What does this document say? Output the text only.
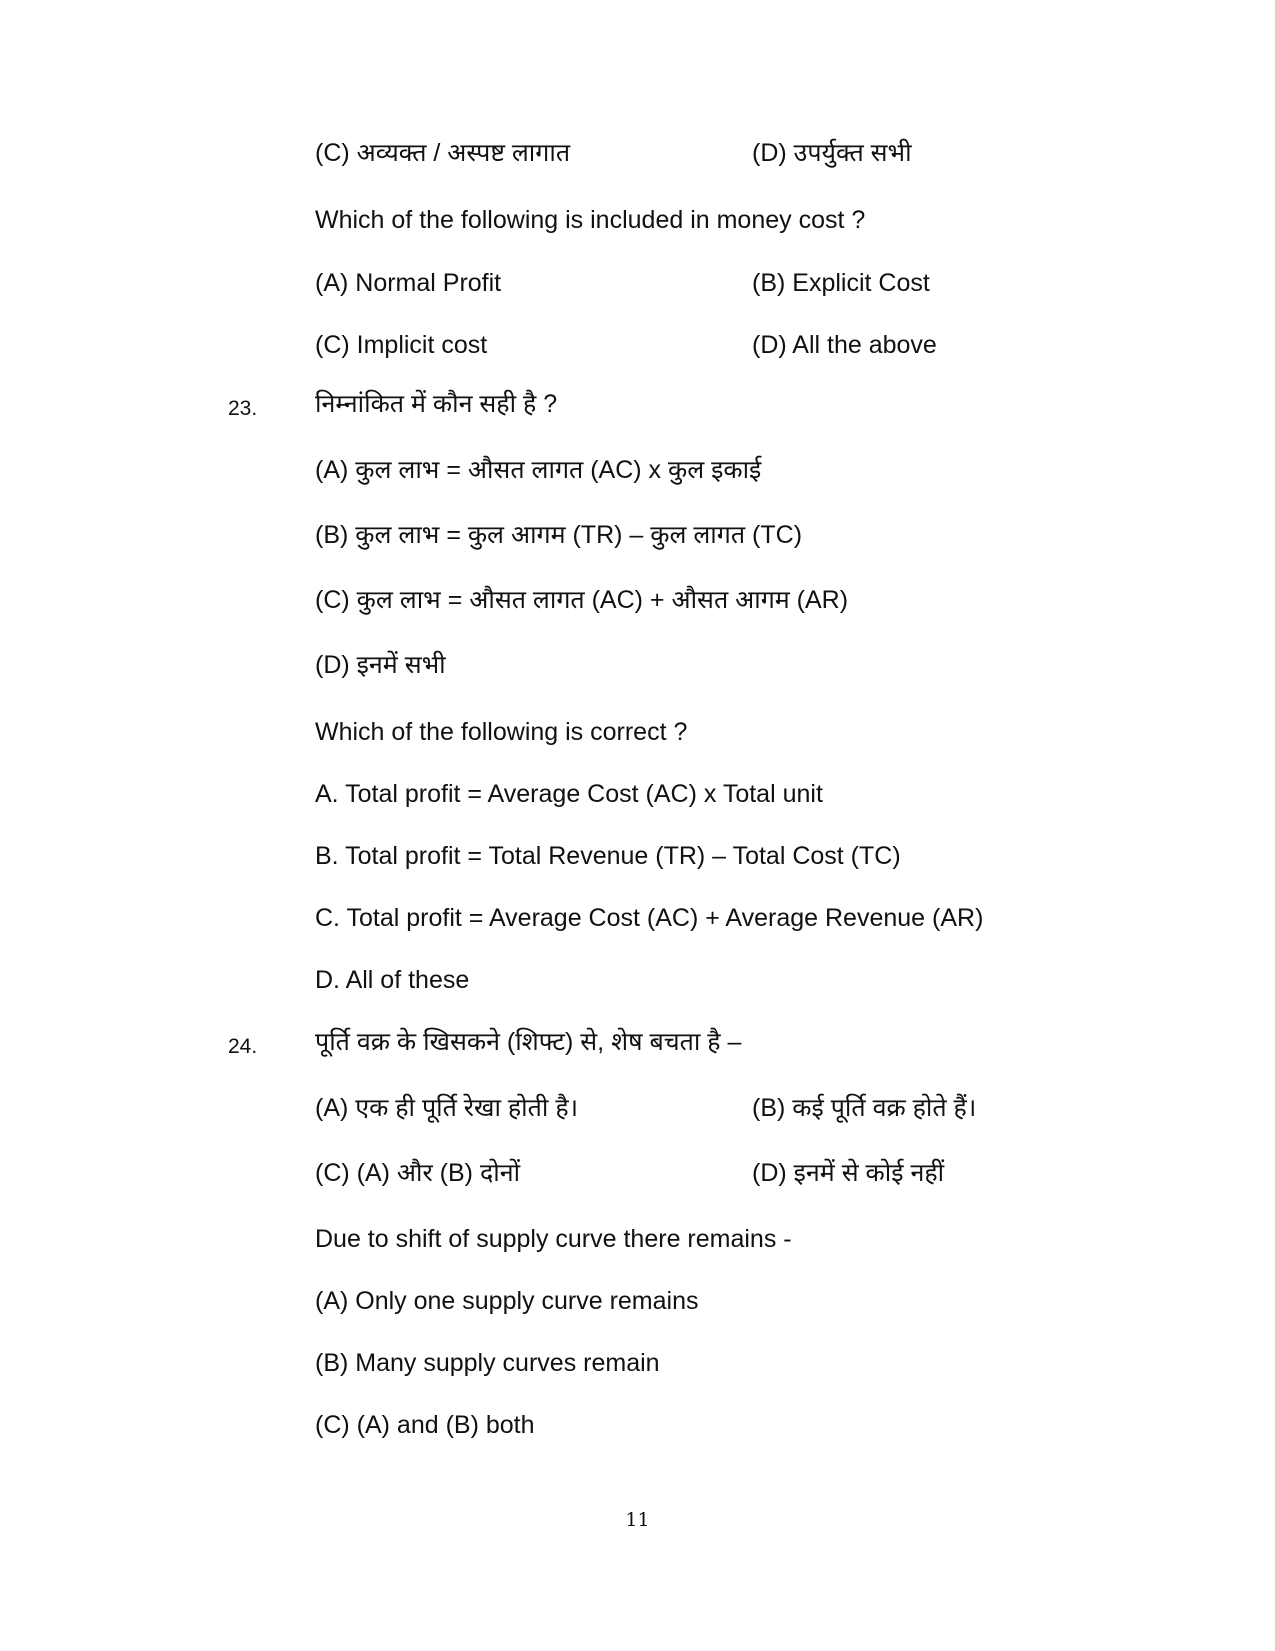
(C) अव्यक्त / अस्पष्ट लागात	(D) उपर्युक्त सभी
Which of the following is included in money cost ?
(A) Normal Profit	(B) Explicit Cost
(C) Implicit cost	(D) All the above
23. निम्नांकित में कौन सही है ?
(A) कुल लाभ = औसत लागत (AC) x कुल इकाई
(B) कुल लाभ = कुल आगम (TR) – कुल लागत (TC)
(C) कुल लाभ = औसत लागत (AC) + औसत आगम (AR)
(D) इनमें सभी
Which of the following is correct ?
A. Total profit = Average Cost (AC) x Total unit
B. Total profit = Total Revenue (TR) – Total Cost (TC)
C. Total profit = Average Cost (AC) + Average Revenue (AR)
D. All of these
24. पूर्ति वक्र के खिसकने (शिफ्ट) से, शेष बचता है –
(A) एक ही पूर्ति रेखा होती है।	(B) कई पूर्ति वक्र होते हैं।
(C) (A) और (B) दोनों	(D) इनमें से कोई नहीं
Due to shift of supply curve there remains -
(A) Only one supply curve remains
(B) Many supply curves remain
(C) (A) and (B) both
11
